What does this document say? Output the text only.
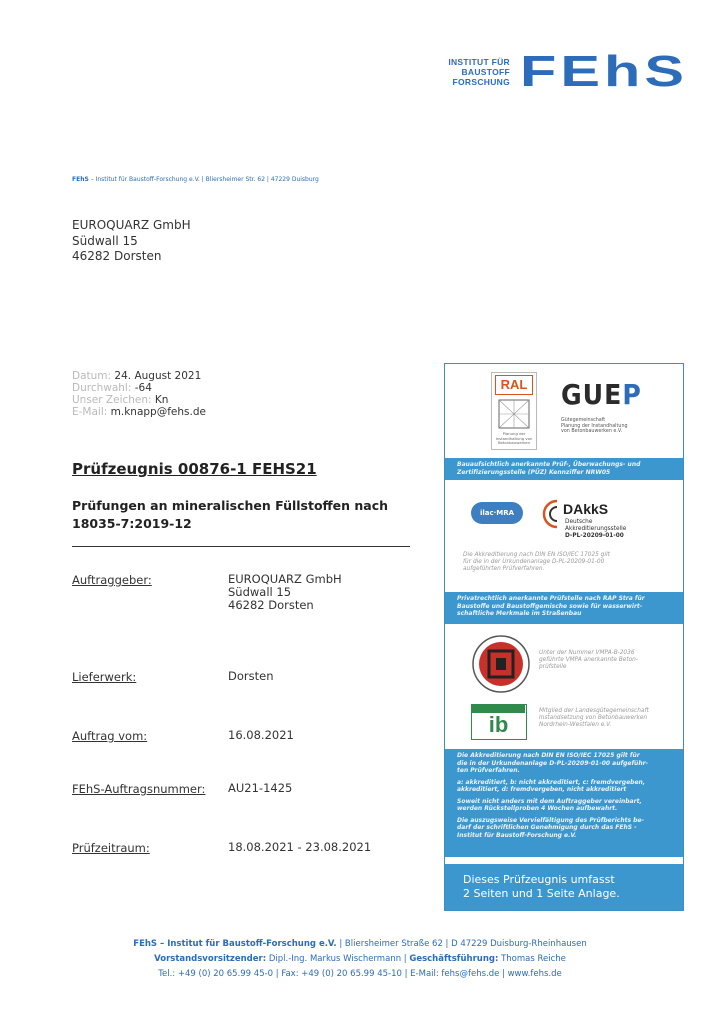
INSTITUT FÜR
BAUSTOFF
FORSCHUNG FEhS
FEhS – Institut für Baustoff-Forschung e.V. | Bliersheimer Str. 62 | 47229 Duisburg
EUROQUARZ GmbH
Südwall 15
46282 Dorsten
Datum: 24. August 2021
Durchwahl: -64
Unser Zeichen: Kn
E-Mail: m.knapp@fehs.de
Prüfzeugnis 00876-1 FEHS21
Prüfungen an mineralischen Füllstoffen nach
18035-7:2019-12
Auftraggeber:	EUROQUARZ GmbH
Südwall 15
46282 Dorsten
Lieferwerk:	Dorsten
Auftrag vom:	16.08.2021
FEhS-Auftragsnummer: AU21-1425
Prüfzeitraum:	18.08.2021 - 23.08.2021
RAL
Planung der Instandhaltung von Betonbauwerken
GUEP
Gütegemeinschaft
Planung der Instandhaltung
von Betonbauwerken e.V.
Bauaufsichtlich anerkannte Prüf-, Überwachungs- und
Zertifizierungsstelle (PÜZ) Kennziffer NRW05
ilac·MRA	DAkkS
Deutsche
Akkreditierungsstelle
D-PL-20209-01-00
Die Akkreditierung nach DIN EN ISO/IEC 17025 gilt
für die in der Urkundenanlage D-PL-20209-01-00
aufgeführten Prüfverfahren.
Privatrechtlich anerkannte Prüfstelle nach RAP Stra für
Baustoffe und Baustoffgemische sowie für wasserwirt-
schaftliche Merkmale im Straßenbau
Unter der Nummer VMPA-B-2036
geführte VMPA anerkannte Beton-
prüfstelle
ib
Mitglied der Landesgütegemeinschaft
Instandsetzung von Betonbauwerken
Nordrhein-Westfalen e.V.
Die Akkreditierung nach DIN EN ISO/IEC 17025 gilt für
die in der Urkundenanlage D-PL-20209-01-00 aufgeführ-
ten Prüfverfahren.
a: akkreditiert, b: nicht akkreditiert, c: fremdvergeben,
akkreditiert, d: fremdvergeben, nicht akkreditiert
Soweit nicht anders mit dem Auftraggeber vereinbart,
werden Rückstellproben 4 Wochen aufbewahrt.
Die auszugsweise Vervielfältigung des Prüfberichts be-
darf der schriftlichen Genehmigung durch das FEhS -
Institut für Baustoff-Forschung e.V.
Dieses Prüfzeugnis umfasst
2 Seiten und 1 Seite Anlage.
FEhS – Institut für Baustoff-Forschung e.V. | Bliersheimer Straße 62 | D 47229 Duisburg-Rheinhausen
Vorstandsvorsitzender: Dipl.-Ing. Markus Wischermann | Geschäftsführung: Thomas Reiche
Tel.: +49 (0) 20 65.99 45-0 | Fax: +49 (0) 20 65.99 45-10 | E-Mail: fehs@fehs.de | www.fehs.de
